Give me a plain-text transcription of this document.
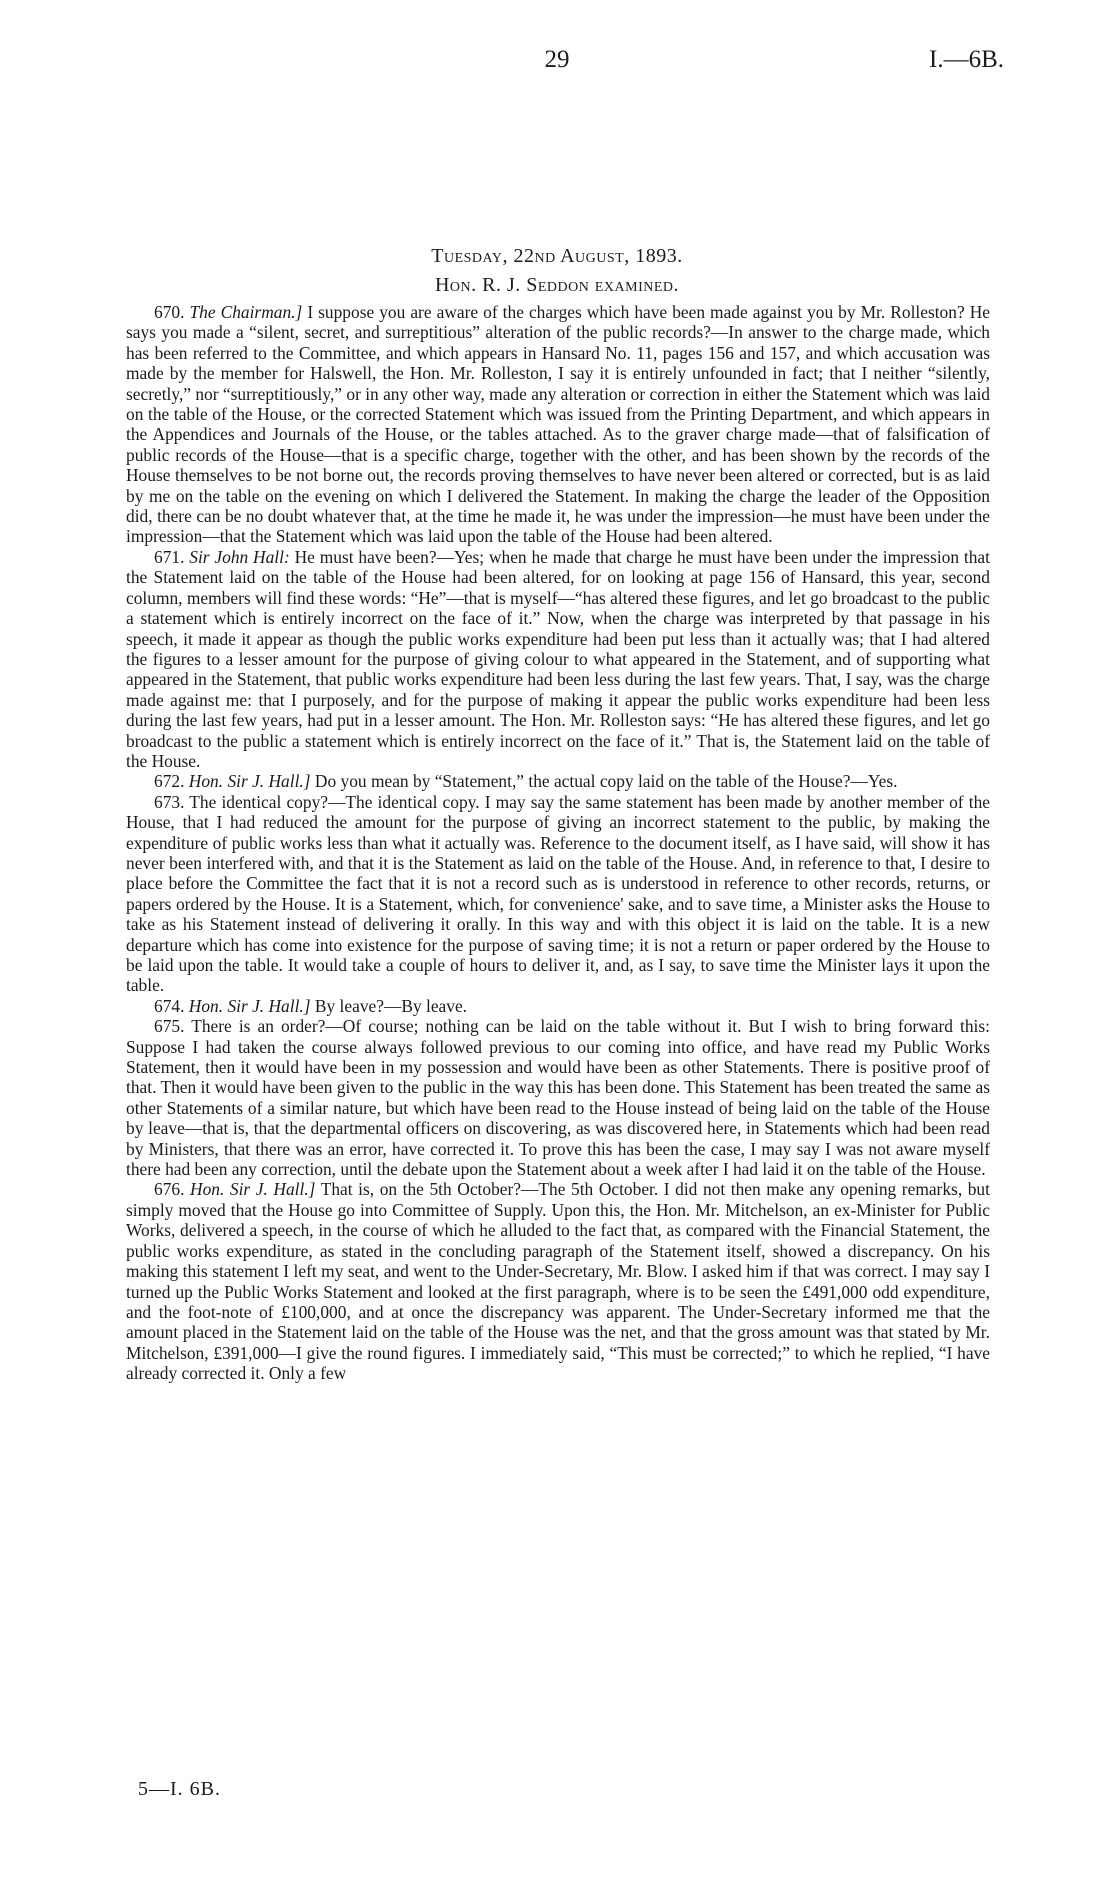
29	I.—6B.
Tuesday, 22nd August, 1893.
Hon. R. J. Seddon examined.

670. The Chairman.] I suppose you are aware of the charges which have been made against you by Mr. Rolleston? He says you made a “silent, secret, and surreptitious” alteration of the public records?—In answer to the charge made, which has been referred to the Committee, and which appears in Hansard No. 11, pages 156 and 157, and which accusation was made by the member for Halswell, the Hon. Mr. Rolleston, I say it is entirely unfounded in fact; that I neither “silently, secretly,” nor “surreptitiously,” or in any other way, made any alteration or correction in either the Statement which was laid on the table of the House, or the corrected Statement which was issued from the Printing Department, and which appears in the Appendices and Journals of the House, or the tables attached. As to the graver charge made—that of falsification of public records of the House—that is a specific charge, together with the other, and has been shown by the records of the House themselves to be not borne out, the records proving themselves to have never been altered or corrected, but is as laid by me on the table on the evening on which I delivered the Statement. In making the charge the leader of the Opposition did, there can be no doubt whatever that, at the time he made it, he was under the impression—he must have been under the impression—that the Statement which was laid upon the table of the House had been altered.

671. Sir John Hall: He must have been?—Yes; when he made that charge he must have been under the impression that the Statement laid on the table of the House had been altered, for on looking at page 156 of Hansard, this year, second column, members will find these words: “He”—that is myself—“has altered these figures, and let go broadcast to the public a statement which is entirely incorrect on the face of it.” Now, when the charge was interpreted by that passage in his speech, it made it appear as though the public works expenditure had been put less than it actually was; that I had altered the figures to a lesser amount for the purpose of giving colour to what appeared in the Statement, and of supporting what appeared in the Statement, that public works expenditure had been less during the last few years. That, I say, was the charge made against me: that I purposely, and for the purpose of making it appear the public works expenditure had been less during the last few years, had put in a lesser amount. The Hon. Mr. Rolleston says: “He has altered these figures, and let go broadcast to the public a statement which is entirely incorrect on the face of it.” That is, the Statement laid on the table of the House.

672. Hon. Sir J. Hall.] Do you mean by “Statement,” the actual copy laid on the table of the House?—Yes.

673. The identical copy?—The identical copy. I may say the same statement has been made by another member of the House, that I had reduced the amount for the purpose of giving an incorrect statement to the public, by making the expenditure of public works less than what it actually was. Reference to the document itself, as I have said, will show it has never been interfered with, and that it is the Statement as laid on the table of the House. And, in reference to that, I desire to place before the Committee the fact that it is not a record such as is understood in reference to other records, returns, or papers ordered by the House. It is a Statement, which, for convenience' sake, and to save time, a Minister asks the House to take as his Statement instead of delivering it orally. In this way and with this object it is laid on the table. It is a new departure which has come into existence for the purpose of saving time; it is not a return or paper ordered by the House to be laid upon the table. It would take a couple of hours to deliver it, and, as I say, to save time the Minister lays it upon the table.

674. Hon. Sir J. Hall.] By leave?—By leave.

675. There is an order?—Of course; nothing can be laid on the table without it. But I wish to bring forward this: Suppose I had taken the course always followed previous to our coming into office, and have read my Public Works Statement, then it would have been in my possession and would have been as other Statements. There is positive proof of that. Then it would have been given to the public in the way this has been done. This Statement has been treated the same as other Statements of a similar nature, but which have been read to the House instead of being laid on the table of the House by leave—that is, that the departmental officers on discovering, as was discovered here, in Statements which had been read by Ministers, that there was an error, have corrected it. To prove this has been the case, I may say I was not aware myself there had been any correction, until the debate upon the Statement about a week after I had laid it on the table of the House.

676. Hon. Sir J. Hall.] That is, on the 5th October?—The 5th October. I did not then make any opening remarks, but simply moved that the House go into Committee of Supply. Upon this, the Hon. Mr. Mitchelson, an ex-Minister for Public Works, delivered a speech, in the course of which he alluded to the fact that, as compared with the Financial Statement, the public works expenditure, as stated in the concluding paragraph of the Statement itself, showed a discrepancy. On his making this statement I left my seat, and went to the Under-Secretary, Mr. Blow. I asked him if that was correct. I may say I turned up the Public Works Statement and looked at the first paragraph, where is to be seen the £491,000 odd expenditure, and the foot-note of £100,000, and at once the discrepancy was apparent. The Under-Secretary informed me that the amount placed in the Statement laid on the table of the House was the net, and that the gross amount was that stated by Mr. Mitchelson, £391,000—I give the round figures. I immediately said, “This must be corrected;” to which he replied, “I have already corrected it. Only a few

5—I. 6B.
